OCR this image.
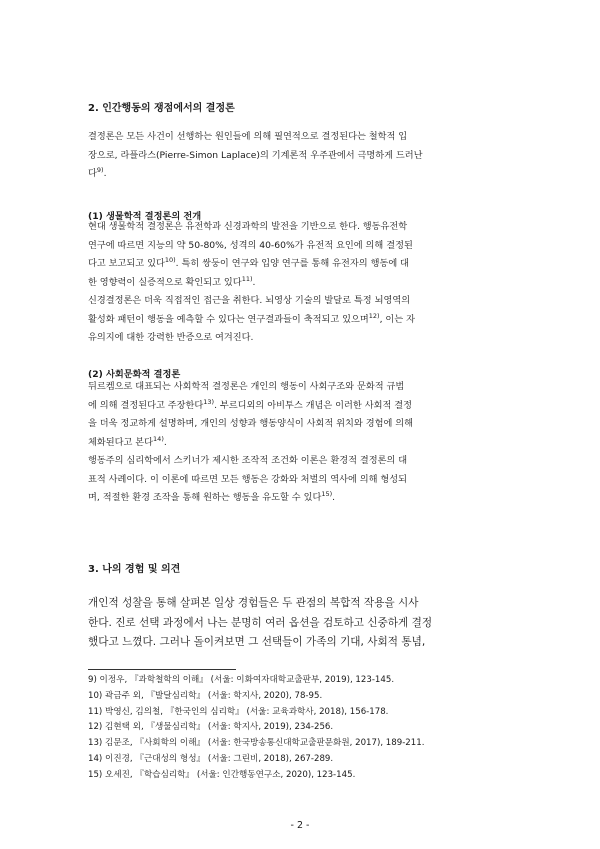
2. 인간행동의 쟁점에서의 결정론
결정론은 모든 사건이 선행하는 원인들에 의해 필연적으로 결정된다는 철학적 입
장으로, 라플라스(Pierre-Simon Laplace)의 기계론적 우주관에서 극명하게 드러난
다$^{9)}$.
(1) 생물학적 결정론의 전개
현대 생물학적 결정론은 유전학과 신경과학의 발전을 기반으로 한다. 행동유전학
연구에 따르면 지능의 약 50-80%, 성격의 40-60%가 유전적 요인에 의해 결정된
다고 보고되고 있다$^{10)}$. 특히 쌍둥이 연구와 입양 연구를 통해 유전자의 행동에 대
한 영향력이 실증적으로 확인되고 있다$^{11)}$.
신경결정론은 더욱 직접적인 접근을 취한다. 뇌영상 기술의 발달로 특정 뇌영역의
활성화 패턴이 행동을 예측할 수 있다는 연구결과들이 축적되고 있으며$^{12)}$, 이는 자
유의지에 대한 강력한 반증으로 여겨진다.
(2) 사회문화적 결정론
뒤르켐으로 대표되는 사회학적 결정론은 개인의 행동이 사회구조와 문화적 규범
에 의해 결정된다고 주장한다$^{13)}$. 부르디외의 아비투스 개념은 이러한 사회적 결정
을 더욱 정교하게 설명하며, 개인의 성향과 행동양식이 사회적 위치와 경험에 의해
체화된다고 본다$^{14)}$.
행동주의 심리학에서 스키너가 제시한 조작적 조건화 이론은 환경적 결정론의 대
표적 사례이다. 이 이론에 따르면 모든 행동은 강화와 처벌의 역사에 의해 형성되
며, 적절한 환경 조작을 통해 원하는 행동을 유도할 수 있다$^{15)}$.
3. 나의 경험 및 의견
개인적 성찰을 통해 살펴본 일상 경험들은 두 관점의 복합적 작용을 시사
한다. 진로 선택 과정에서 나는 분명히 여러 옵션을 검토하고 신중하게 결정
했다고 느꼈다. 그러나 돌이켜보면 그 선택들이 가족의 기대, 사회적 통념,
9) 이정우, 『과학철학의 이해』 (서울: 이화여자대학교출판부, 2019), 123-145.
10) 곽금주 외, 『발달심리학』 (서울: 학지사, 2020), 78-95.
11) 박영신, 김의철, 『한국인의 심리학』 (서울: 교육과학사, 2018), 156-178.
12) 김현택 외, 『생물심리학』 (서울: 학지사, 2019), 234-256.
13) 김문조, 『사회학의 이해』 (서울: 한국방송통신대학교출판문화원, 2017), 189-211.
14) 이진경, 『근대성의 형성』 (서울: 그린비, 2018), 267-289.
15) 오세진, 『학습심리학』 (서울: 인간행동연구소, 2020), 123-145.
- 2 -
